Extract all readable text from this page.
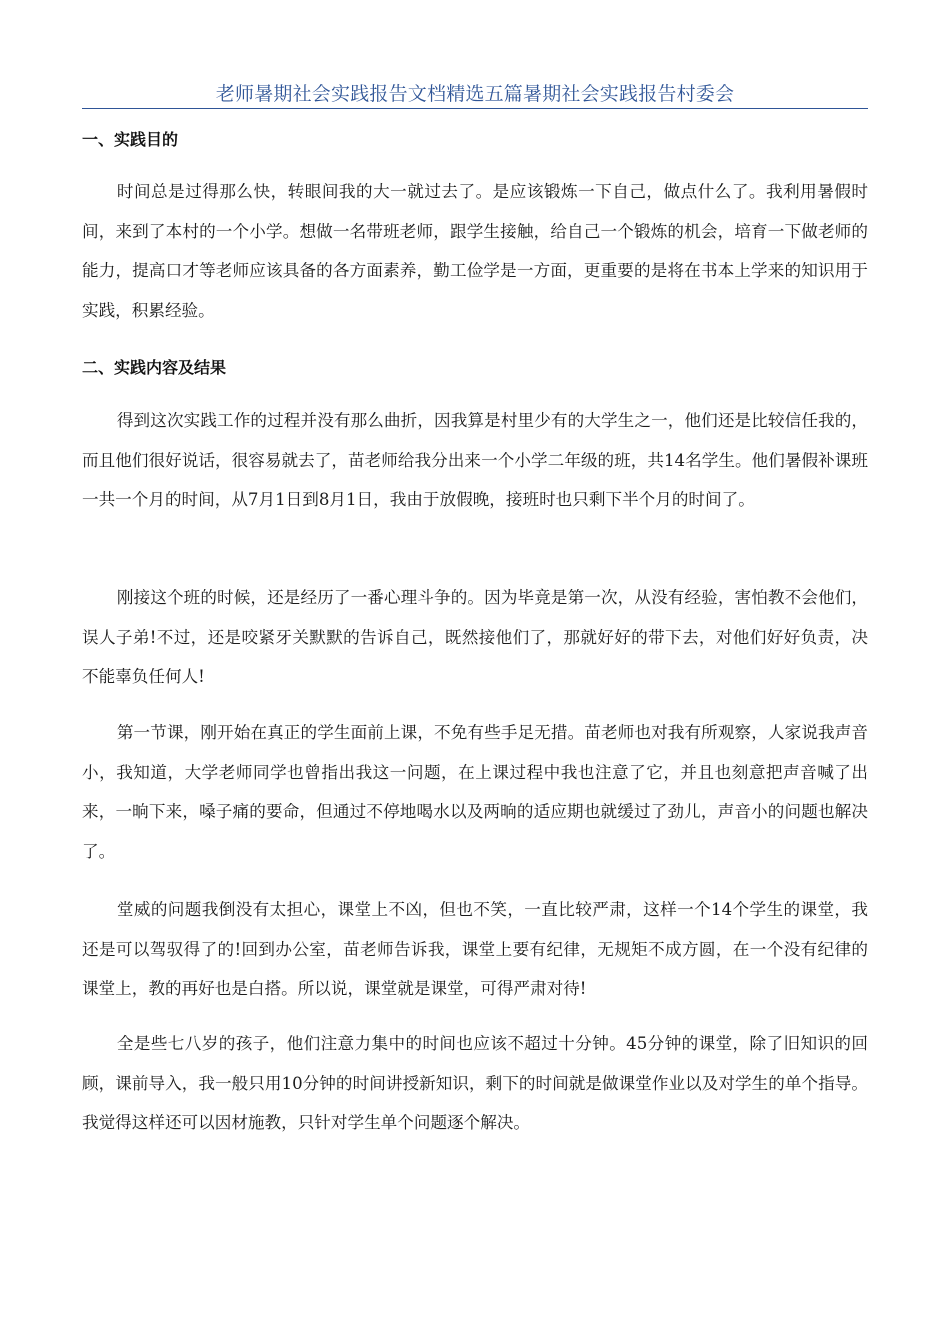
老师暑期社会实践报告文档精选五篇暑期社会实践报告村委会
一、实践目的

时间总是过得那么快，转眼间我的大一就过去了。是应该锻炼一下自己，做点什么了。我利用暑假时间，来到了本村的一个小学。想做一名带班老师，跟学生接触，给自己一个锻炼的机会，培育一下做老师的能力，提高口才等老师应该具备的各方面素养，勤工俭学是一方面，更重要的是将在书本上学来的知识用于实践，积累经验。

二、实践内容及结果

得到这次实践工作的过程并没有那么曲折，因我算是村里少有的大学生之一，他们还是比较信任我的，而且他们很好说话，很容易就去了，苗老师给我分出来一个小学二年级的班，共14名学生。他们暑假补课班一共一个月的时间，从7月1日到8月1日，我由于放假晚，接班时也只剩下半个月的时间了。

刚接这个班的时候，还是经历了一番心理斗争的。因为毕竟是第一次，从没有经验，害怕教不会他们，误人子弟!不过，还是咬紧牙关默默的告诉自己，既然接他们了，那就好好的带下去，对他们好好负责，决不能辜负任何人!

第一节课，刚开始在真正的学生面前上课，不免有些手足无措。苗老师也对我有所观察，人家说我声音小，我知道，大学老师同学也曾指出我这一问题，在上课过程中我也注意了它，并且也刻意把声音喊了出来，一晌下来，嗓子痛的要命，但通过不停地喝水以及两晌的适应期也就缓过了劲儿，声音小的问题也解决了。

堂威的问题我倒没有太担心，课堂上不凶，但也不笑，一直比较严肃，这样一个14个学生的课堂，我还是可以驾驭得了的!回到办公室，苗老师告诉我，课堂上要有纪律，无规矩不成方圆，在一个没有纪律的课堂上，教的再好也是白搭。所以说，课堂就是课堂，可得严肃对待!

全是些七八岁的孩子，他们注意力集中的时间也应该不超过十分钟。45分钟的课堂，除了旧知识的回顾，课前导入，我一般只用10分钟的时间讲授新知识，剩下的时间就是做课堂作业以及对学生的单个指导。我觉得这样还可以因材施教，只针对学生单个问题逐个解决。
